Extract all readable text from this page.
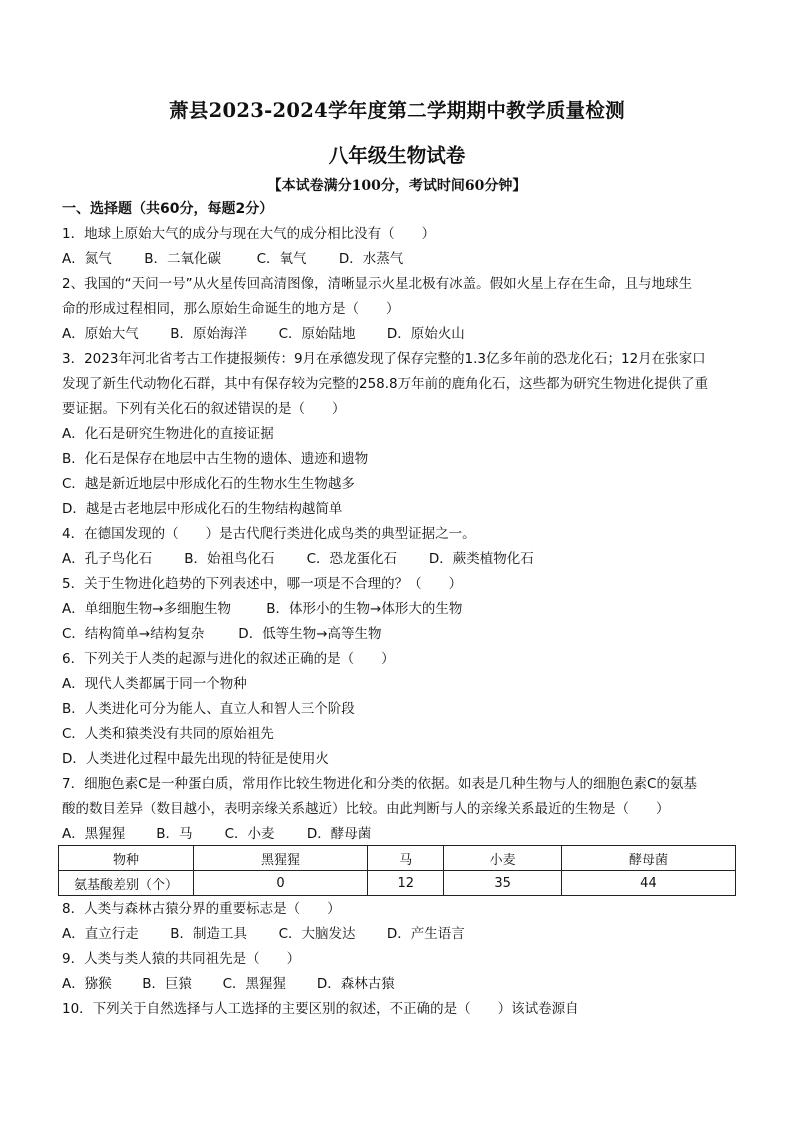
萧县2023-2024学年度第二学期期中教学质量检测
八年级生物试卷
【本试卷满分100分，考试时间60分钟】
一、选择题（共60分，每题2分）
1．地球上原始大气的成分与现在大气的成分相比没有（　　）
A．氮气 B．二氧化碳	C．氧气 D．水蒸气
2、我国的“天问一号”从火星传回高清图像，清晰显示火星北极有冰盖。假如火星上存在生命，且与地球生
命的形成过程相同，那么原始生命诞生的地方是（　　）
A．原始大气 B．原始海洋 C．原始陆地 D．原始火山
3．2023年河北省考古工作捷报频传：9月在承德发现了保存完整的1.3亿多年前的恐龙化石；12月在张家口
发现了新生代动物化石群，其中有保存较为完整的258.8万年前的鹿角化石，这些都为研究生物进化提供了重
要证据。下列有关化石的叙述错误的是（　　）
A．化石是研究生物进化的直接证据
B．化石是保存在地层中古生物的遗体、遗迹和遗物
C．越是新近地层中形成化石的生物水生生物越多
D．越是古老地层中形成化石的生物结构越简单
4．在德国发现的（　　）是古代爬行类进化成鸟类的典型证据之一。
A．孔子鸟化石 B．始祖鸟化石 C．恐龙蛋化石 D．蕨类植物化石
5．关于生物进化趋势的下列表述中，哪一项是不合理的？（　　）
A．单细胞生物→多细胞生物	B．体形小的生物→体形大的生物
C．结构简单→结构复杂	D．低等生物→高等生物
6．下列关于人类的起源与进化的叙述正确的是（　　）
A．现代人类都属于同一个物种
B．人类进化可分为能人、直立人和智人三个阶段
C．人类和猿类没有共同的原始祖先
D．人类进化过程中最先出现的特征是使用火
7．细胞色素C是一种蛋白质，常用作比较生物进化和分类的依据。如表是几种生物与人的细胞色素C的氨基
酸的数目差异（数目越小，表明亲缘关系越近）比较。由此判断与人的亲缘关系最近的生物是（　　）
A．黑猩猩 B．马 C．小麦 D．酵母菌
物种	黑猩猩	马	小麦	酵母菌
氨基酸差别（个）	0	12	35	44
8．人类与森林古猿分界的重要标志是（　　）
A．直立行走 B．制造工具 C．大脑发达 D．产生语言
9．人类与类人猿的共同祖先是（　　）
A．猕猴 B．巨猿 C．黑猩猩 D．森林古猿
10．下列关于自然选择与人工选择的主要区别的叙述，不正确的是（　　）该试卷源自
